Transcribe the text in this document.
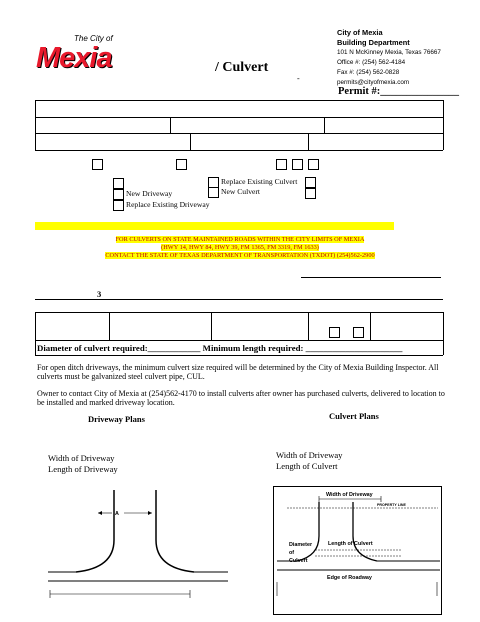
The City of
Mexia	/ Culvert
-
City of Mexia
Building Department
101 N McKinney Mexia, Texas 76667
Office #: (254) 562-4184
Fax #: (254) 562-0828
permits@cityofmexia.com
Permit #:_______________
New Driveway
Replace Existing Driveway
Replace Existing Culvert
New Culvert
FOR CULVERTS ON STATE MAINTAINED ROADS WITHIN THE CITY LIMITS OF MEXIA
(HWY 14, HWY 84, HWY 39, FM 1365, FM 3319, FM 1633)
CONTACT THE STATE OF TEXAS DEPARTMENT OF TRANSPORTATION (TXDOT) (254)562-2900
3
Diameter of culvert required:____________ Minimum length required: ______________________
For open ditch driveways, the minimum culvert size required will be determined by the City of Mexia Building Inspector. All culverts must be galvanized steel culvert pipe, CUL.
Owner to contact City of Mexia at (254)562-4170 to install culverts after owner has purchased culverts, delivered to location to be installed and marked driveway location.
Driveway Plans	Culvert Plans
Width of Driveway
Length of Driveway
Width of Driveway
Length of Culvert
A
Width of Driveway
PROPERTY LINE
Diameter
of
Culvert
Length of Culvert
Edge of Roadway
